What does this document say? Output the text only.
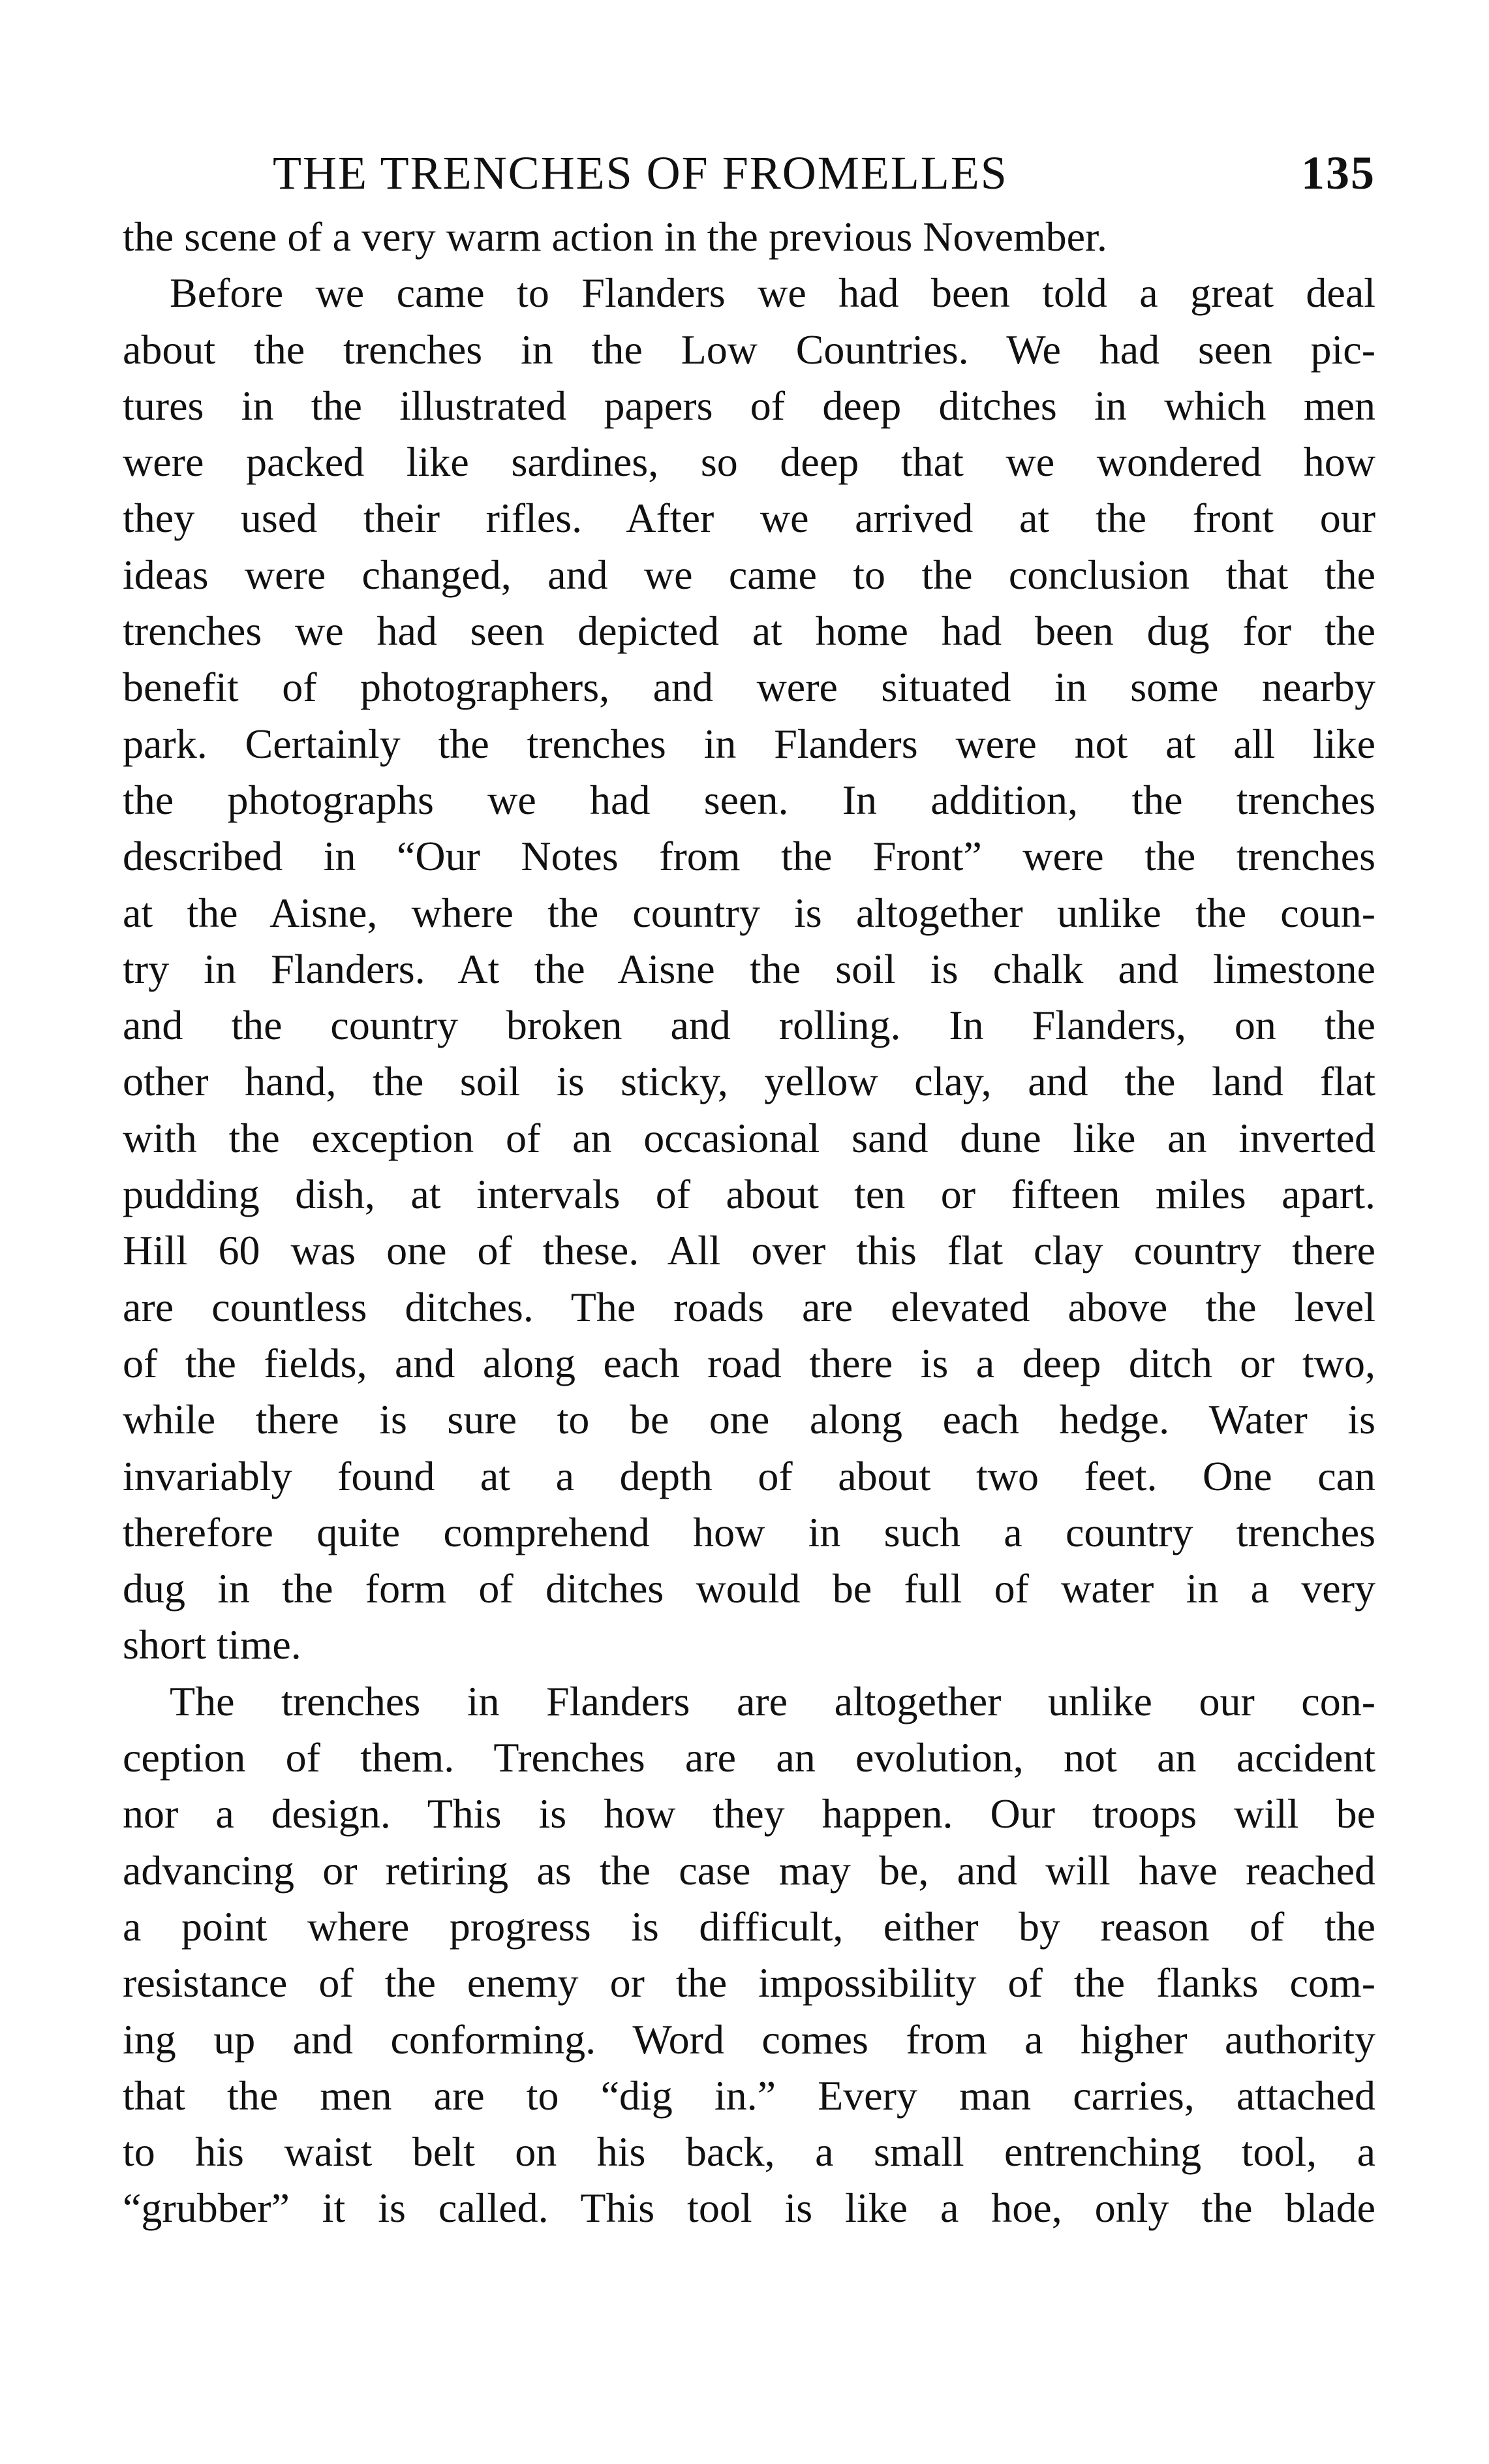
THE TRENCHES OF FROMELLES	135
the scene of a very warm action in the previous November.
Before we came to Flanders we had been told a great deal
about the trenches in the Low Countries. We had seen pic-
tures in the illustrated papers of deep ditches in which men
were packed like sardines, so deep that we wondered how
they used their rifles. After we arrived at the front our
ideas were changed, and we came to the conclusion that the
trenches we had seen depicted at home had been dug for the
benefit of photographers, and were situated in some nearby
park. Certainly the trenches in Flanders were not at all like
the photographs we had seen. In addition, the trenches
described in “Our Notes from the Front” were the trenches
at the Aisne, where the country is altogether unlike the coun-
try in Flanders. At the Aisne the soil is chalk and limestone
and the country broken and rolling. In Flanders, on the
other hand, the soil is sticky, yellow clay, and the land flat
with the exception of an occasional sand dune like an inverted
pudding dish, at intervals of about ten or fifteen miles apart.
Hill 60 was one of these. All over this flat clay country there
are countless ditches. The roads are elevated above the level
of the fields, and along each road there is a deep ditch or two,
while there is sure to be one along each hedge. Water is
invariably found at a depth of about two feet. One can
therefore quite comprehend how in such a country trenches
dug in the form of ditches would be full of water in a very
short time.
The trenches in Flanders are altogether unlike our con-
ception of them. Trenches are an evolution, not an accident
nor a design. This is how they happen. Our troops will be
advancing or retiring as the case may be, and will have reached
a point where progress is difficult, either by reason of the
resistance of the enemy or the impossibility of the flanks com-
ing up and conforming. Word comes from a higher authority
that the men are to “dig in.” Every man carries, attached
to his waist belt on his back, a small entrenching tool, a
“grubber” it is called. This tool is like a hoe, only the blade
